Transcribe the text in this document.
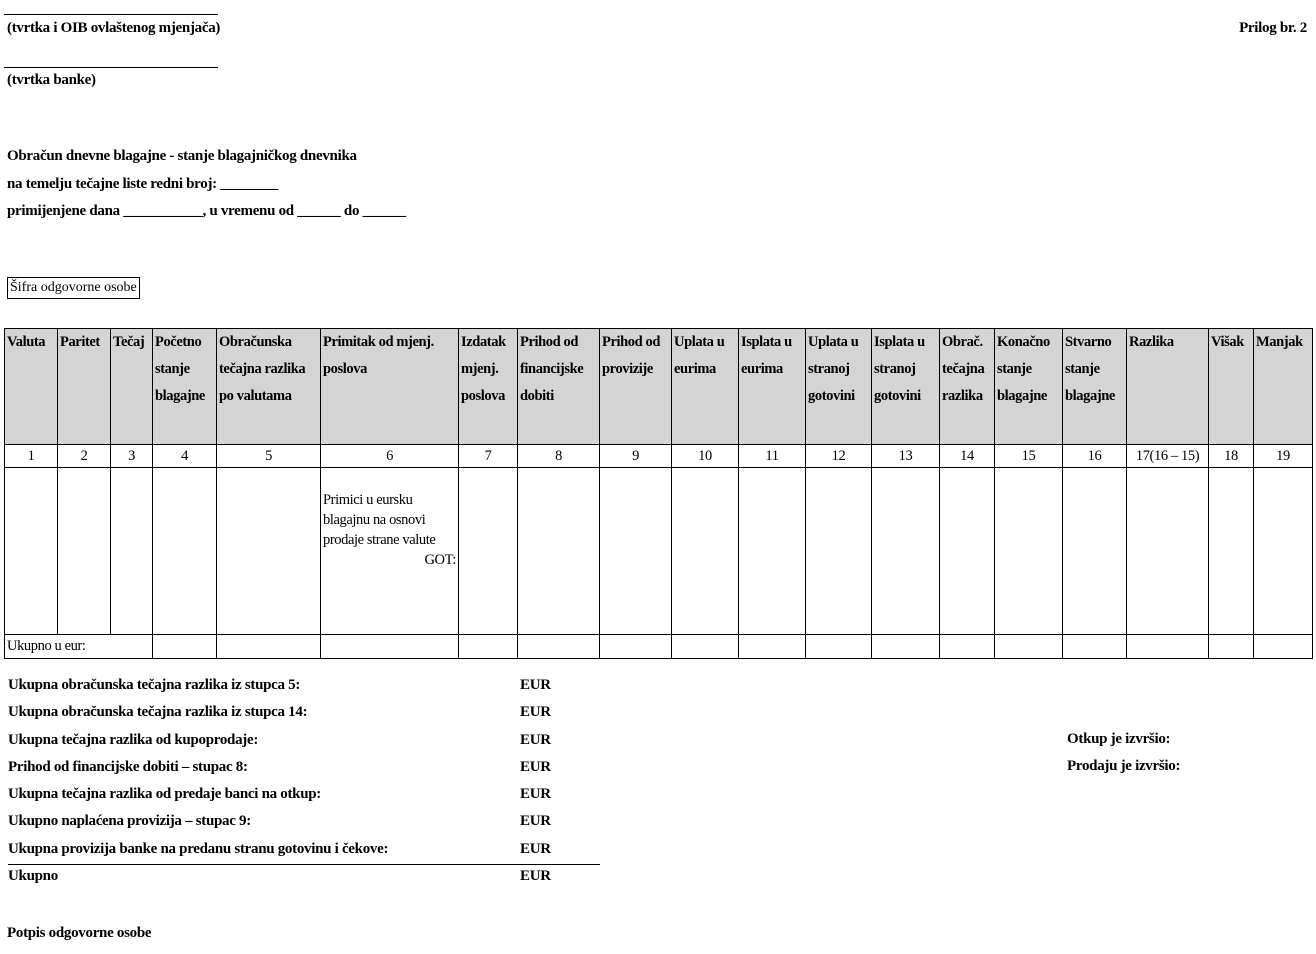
(tvrtka i OIB ovlaštenog mjenjača)	Prilog br. 2
(tvrtka banke)
Obračun dnevne blagajne - stanje blagajničkog dnevnika
na temelju tečajne liste redni broj: ________
primijenjene dana ___________, u vremenu od ______ do ______
Šifra odgovorne osobe
Valuta	Paritet	Tečaj	Početno stanje blagajne	Obračunska tečajna razlika po valutama	Primitak od mjenj. poslova	Izdatak mjenj. poslova	Prihod od financijske dobiti	Prihod od provizije	Uplata u eurima	Isplata u eurima	Uplata u stranoj gotovini	Isplata u stranoj gotovini	Obrač. tečajna razlika	Konačno stanje blagajne	Stvarno stanje blagajne	Razlika	Višak	Manjak
1	2	3	4	5	6	7	8	9	10	11	12	13	14	15	16	17(16 – 15)	18	19

					Primici u eursku blagajnu na osnovi prodaje strane valute
GOT:													

Ukupno u eur:																		
Ukupna obračunska tečajna razlika iz stupca 5:	EUR
Ukupna obračunska tečajna razlika iz stupca 14:	EUR
Ukupna tečajna razlika od kupoprodaje:	EUR
Prihod od financijske dobiti – stupac 8:	EUR
Ukupna tečajna razlika od predaje banci na otkup:	EUR
Ukupno naplaćena provizija – stupac 9:	EUR
Ukupna provizija banke na predanu stranu gotovinu i čekove:	EUR
Ukupno	EUR
Otkup je izvršio:
Prodaju je izvršio:
Potpis odgovorne osobe
